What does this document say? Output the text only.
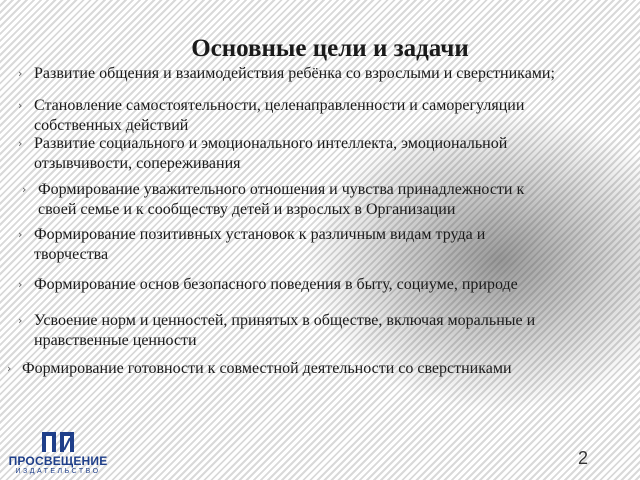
Основные цели и задачи
› Развитие общения и взаимодействия ребёнка со взрослыми и сверстниками;
› Становление самостоятельности, целенаправленности и саморегуляции
собственных действий
› Развитие социального и эмоционального интеллекта, эмоциональной
отзывчивости, сопереживания
› Формирование уважительного отношения и чувства принадлежности к
своей семье и к сообществу детей и взрослых в Организации
› Формирование позитивных установок к различным видам труда и
творчества
› Формирование основ безопасного поведения в быту, социуме, природе
› Усвоение норм и ценностей, принятых в обществе, включая моральные и
нравственные ценности
› Формирование готовности к совместной деятельности со сверстниками
ПРОСВЕЩЕНИЕ
ИЗДАТЕЛЬСТВО
2
